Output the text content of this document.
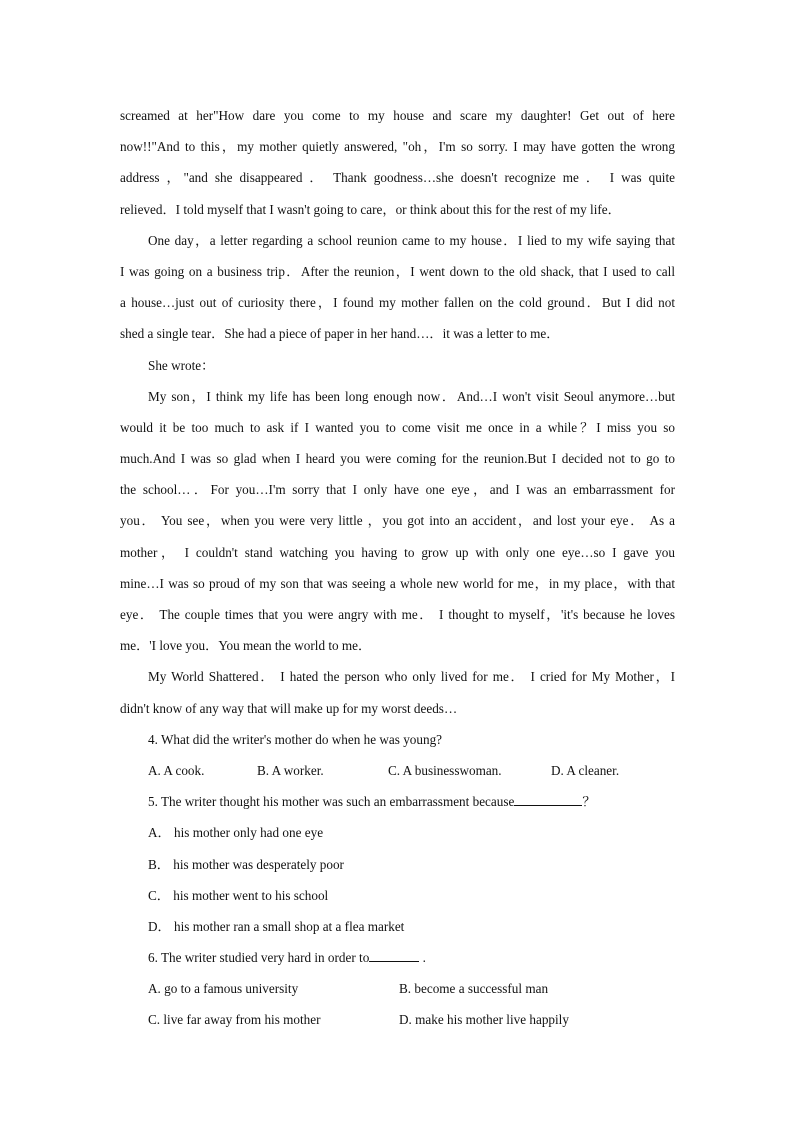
screamed at her"How dare you come to my house and scare my daughter! Get out of here
now!!"And to this，my mother quietly answered, "oh，I'm so sorry. I may have gotten the wrong
address ，"and she disappeared ． Thank goodness…she doesn't recognize me ． I was quite
relieved．I told myself that I wasn't going to care，or think about this for the rest of my life．
One day，a letter regarding a school reunion came to my house．I lied to my wife saying that
I was going on a business trip．After the reunion，I went down to the old shack, that I used to call
a house…just out of curiosity there，I found my mother fallen on the cold ground．But I did not
shed a single tear．She had a piece of paper in her hand…．it was a letter to me．
She wrote：
My son，I think my life has been long enough now．And…I won't visit Seoul anymore…but
would it be too much to ask if I wanted you to come visit me once in a while？I miss you so
much.And I was so glad when I heard you were coming for the reunion.But I decided not to go to
the school…．For you…I'm sorry that I only have one eye，and I was an embarrassment for
you． You see，when you were very little ，you got into an accident，and lost your eye． As a
mother， I couldn't stand watching you having to grow up with only one eye…so I gave you
mine…I was so proud of my son that was seeing a whole new world for me，in my place，with that
eye． The couple times that you were angry with me． I thought to myself，'it's because he loves
me．'I love you．You mean the world to me．
My World Shattered． I hated the person who only lived for me． I cried for My Mother，I
didn't know of any way that will make up for my worst deeds…
4. What did the writer's mother do when he was young?
A. A cook.	B. A worker.	C. A businesswoman.	D. A cleaner.
5. The writer thought his mother was such an embarrassment because	？
A． his mother only had one eye
B． his mother was desperately poor
C． his mother went to his school
D． his mother ran a small shop at a flea market
6. The writer studied very hard in order to	.
A. go to a famous university	B. become a successful man
C. live far away from his mother	D. make his mother live happily
